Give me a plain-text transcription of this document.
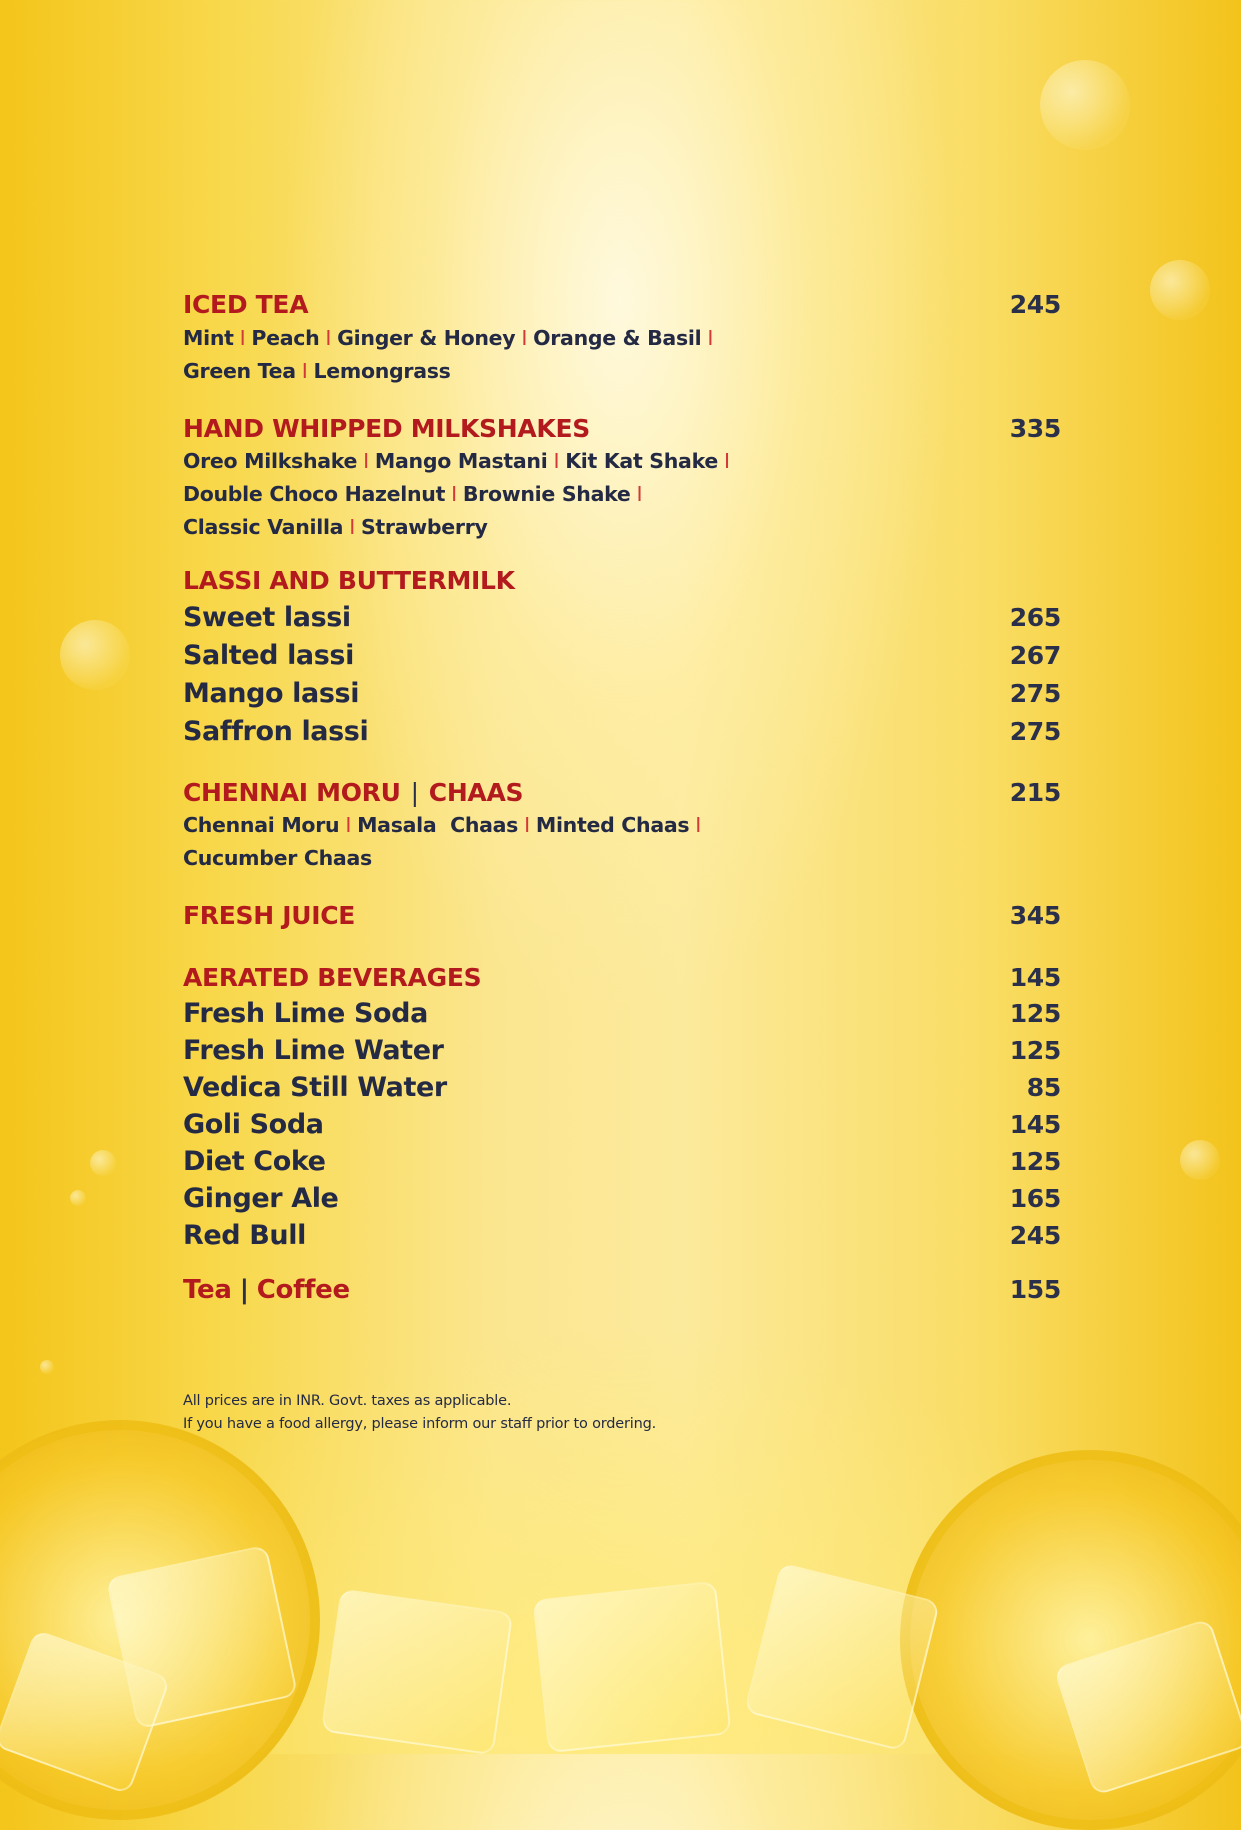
ICED TEA	245
Mint I Peach I Ginger & Honey I Orange & Basil I
Green Tea I Lemongrass
HAND WHIPPED MILKSHAKES	335
Oreo Milkshake I Mango Mastani I Kit Kat Shake I
Double Choco Hazelnut I Brownie Shake I
Classic Vanilla I Strawberry
LASSI AND BUTTERMILK
Sweet lassi	265
Salted lassi	267
Mango lassi	275
Saffron lassi	275
CHENNAI MORU | CHAAS	215
Chennai Moru I Masala  Chaas I Minted Chaas I
Cucumber Chaas
FRESH JUICE	345
AERATED BEVERAGES	145
Fresh Lime Soda	125
Fresh Lime Water	125
Vedica Still Water	85
Goli Soda	145
Diet Coke	125
Ginger Ale	165
Red Bull	245
Tea | Coffee	155
All prices are in INR. Govt. taxes as applicable.
If you have a food allergy, please inform our staff prior to ordering.
